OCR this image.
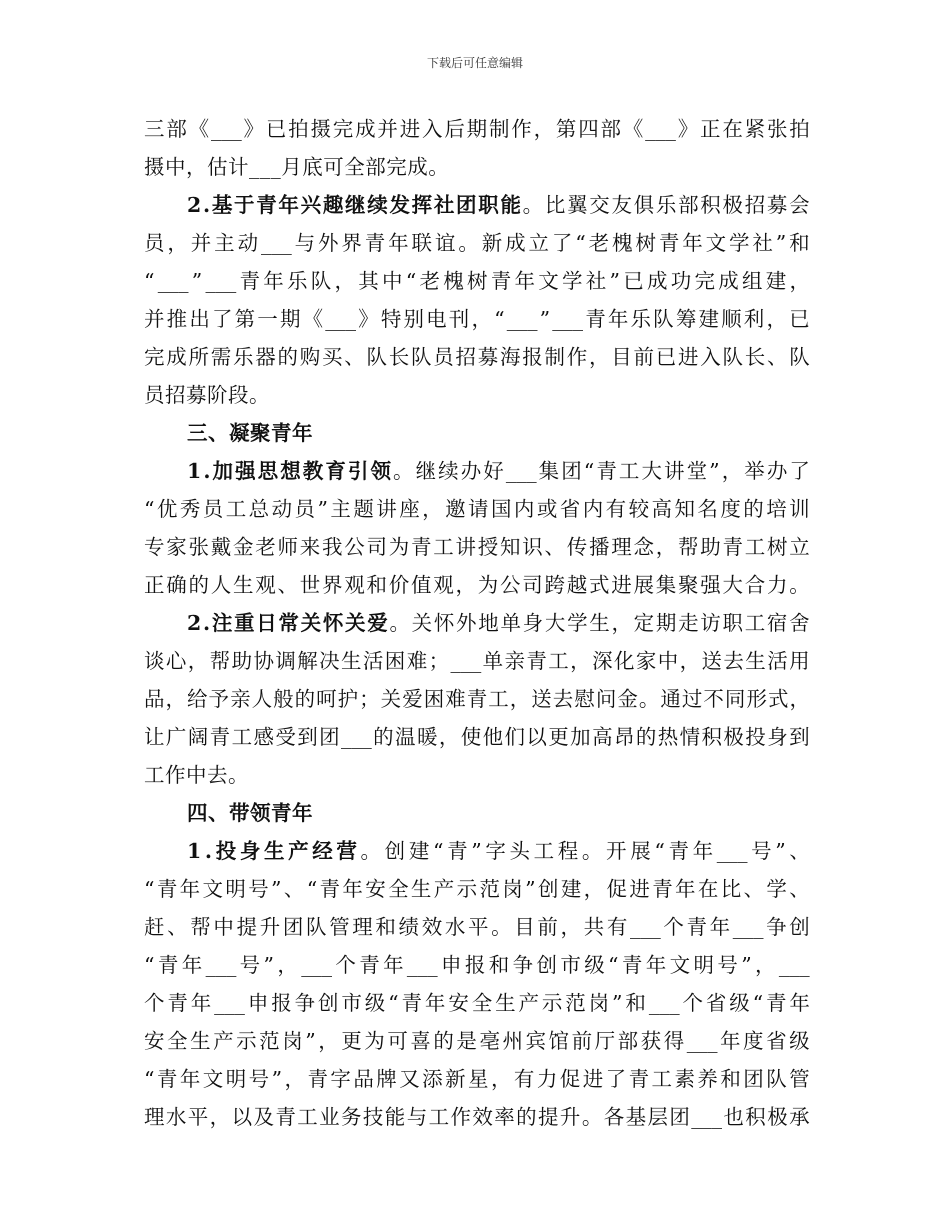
下载后可任意编辑
三 部 《 ___ 》 已 拍 摄 完 成 并 进 入 后 期 制 作 ， 第 四 部 《 ___ 》 正 在 紧 张 拍
摄中，估计___月底可全部完成。
2 . 基 于 青 年 兴 趣 继 续 发 挥 社 团 职 能 。 比 翼 交 友 俱 乐 部 积 极 招 募 会
员 ， 并 主 动 ___ 与 外 界 青 年 联 谊 。 新 成 立 了 “ 老 槐 树 青 年 文 学 社 ” 和
“ ___ ” ___ 青 年 乐 队 ， 其 中 “ 老 槐 树 青 年 文 学 社 ” 已 成 功 完 成 组 建 ，
并 推 出 了 第 一 期 《 ___ 》 特 别 电 刊 ， “ ___ ” ___ 青 年 乐 队 筹 建 顺 利 ， 已
完 成 所 需 乐 器 的 购 买 、 队 长 队 员 招 募 海 报 制 作 ， 目 前 已 进 入 队 长 、 队
员招募阶段。
三、凝聚青年
1 . 加 强 思 想 教 育 引 领 。 继 续 办 好 ___ 集 团 “ 青 工 大 讲 堂 ” ， 举 办 了
“ 优 秀 员 工 总 动 员 ” 主 题 讲 座 ， 邀 请 国 内 或 省 内 有 较 高 知 名 度 的 培 训
专 家 张 戴 金 老 师 来 我 公 司 为 青 工 讲 授 知 识 、 传 播 理 念 ， 帮 助 青 工 树 立
正 确 的 人 生 观 、 世 界 观 和 价 值 观 ， 为 公 司 跨 越 式 进 展 集 聚 强 大 合 力 。
2 . 注 重 日 常 关 怀 关 爱 。 关 怀 外 地 单 身 大 学 生 ， 定 期 走 访 职 工 宿 舍
谈 心 ， 帮 助 协 调 解 决 生 活 困 难 ； ___ 单 亲 青 工 ， 深 化 家 中 ， 送 去 生 活 用
品 ， 给 予 亲 人 般 的 呵 护 ； 关 爱 困 难 青 工 ， 送 去 慰 问 金 。 通 过 不 同 形 式 ，
让 广 阔 青 工 感 受 到 团 ___ 的 温 暖 ， 使 他 们 以 更 加 高 昂 的 热 情 积 极 投 身 到
工作中去。
四、带领青年
1 . 投 身 生 产 经 营 。 创 建 “ 青 ” 字 头 工 程 。 开 展 “ 青 年 ___ 号 ” 、
“ 青 年 文 明 号 ” 、 “ 青 年 安 全 生 产 示 范 岗 ” 创 建 ， 促 进 青 年 在 比 、 学 、
赶 、 帮 中 提 升 团 队 管 理 和 绩 效 水 平 。 目 前 ， 共 有 ___ 个 青 年 ___ 争 创
“ 青 年 ___ 号 ” ， ___ 个 青 年 ___ 申 报 和 争 创 市 级 “ 青 年 文 明 号 ” ， ___
个 青 年 ___ 申 报 争 创 市 级 “ 青 年 安 全 生 产 示 范 岗 ” 和 ___ 个 省 级 “ 青 年
安 全 生 产 示 范 岗 ” ， 更 为 可 喜 的 是 亳 州 宾 馆 前 厅 部 获 得 ___ 年 度 省 级
“ 青 年 文 明 号 ” ， 青 字 品 牌 又 添 新 星 ， 有 力 促 进 了 青 工 素 养 和 团 队 管
理 水 平 ， 以 及 青 工 业 务 技 能 与 工 作 效 率 的 提 升 。 各 基 层 团 ___ 也 积 极 承
